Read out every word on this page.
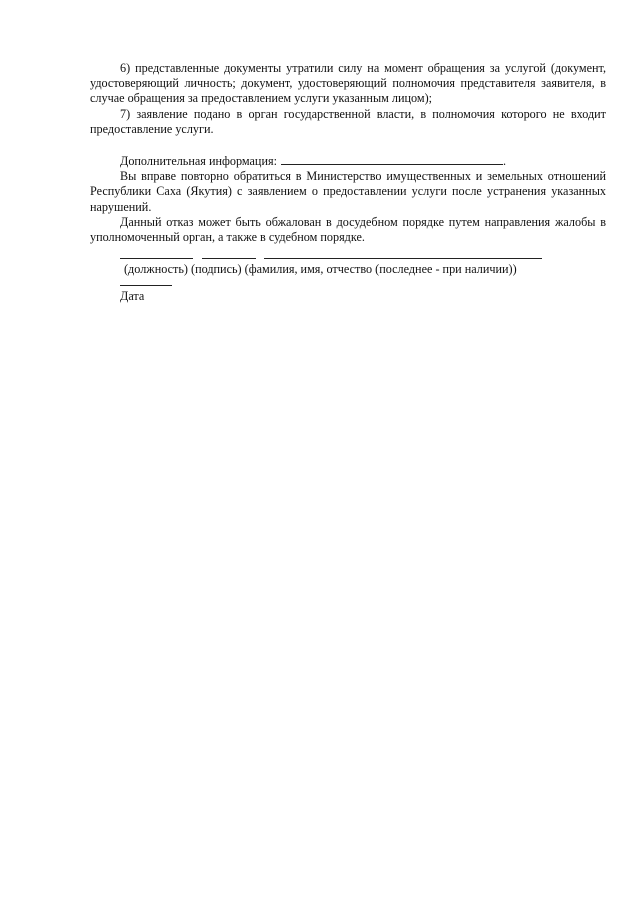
6) представленные документы утратили силу на момент обращения за услугой (документ, удостоверяющий личность; документ, удостоверяющий полномочия представителя заявителя, в случае обращения за предоставлением услуги указанным лицом);

7) заявление подано в орган государственной власти, в полномочия которого не входит предоставление услуги.

Дополнительная информация:	.

Вы вправе повторно обратиться в Министерство имущественных и земельных отношений Республики Саха (Якутия) с заявлением о предоставлении услуги после устранения указанных нарушений.

Данный отказ может быть обжалован в досудебном порядке путем направления жалобы в уполномоченный орган, а также в судебном порядке.

(должность) (подпись) (фамилия, имя, отчество (последнее - при наличии))

Дата
